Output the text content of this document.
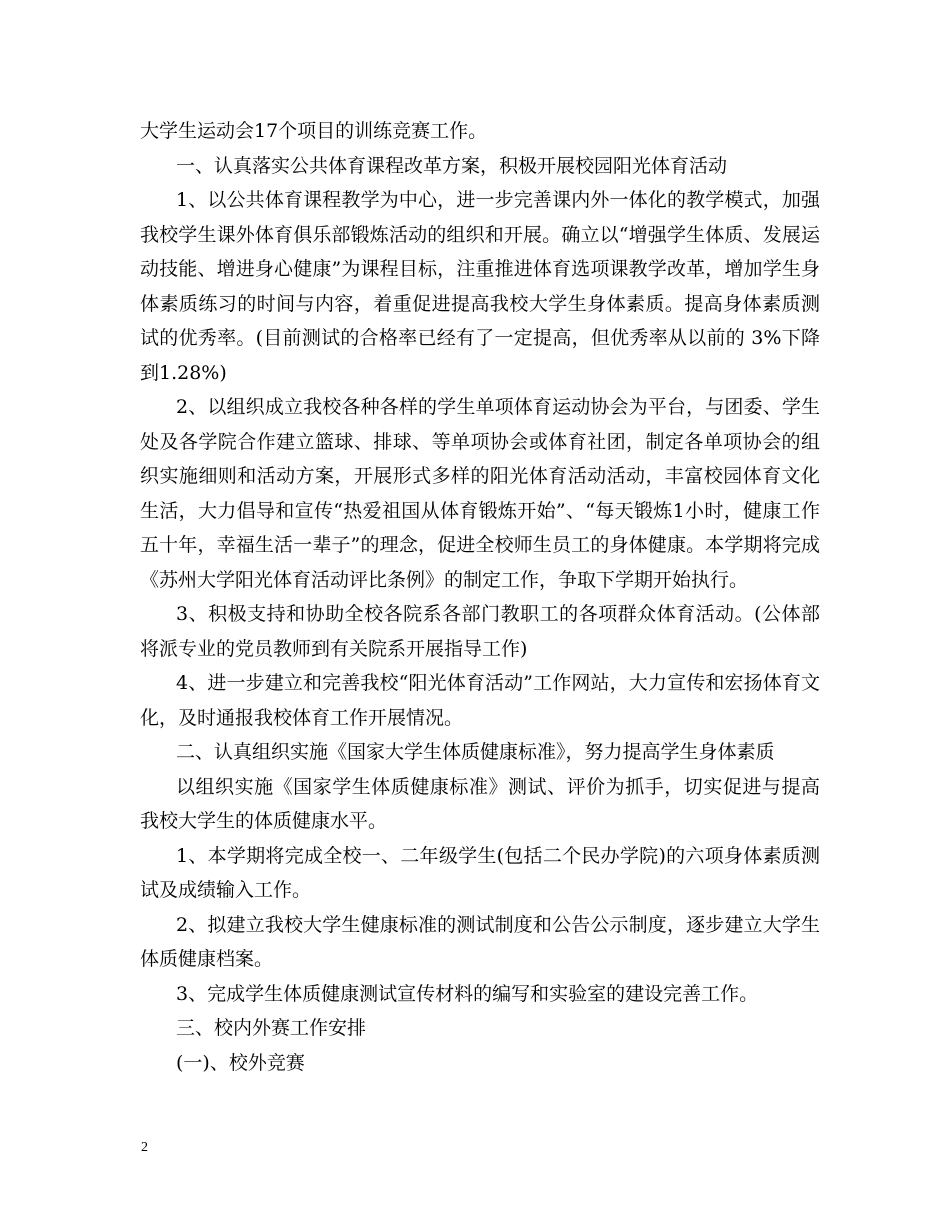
大学生运动会17个项目的训练竞赛工作。

一、认真落实公共体育课程改革方案，积极开展校园阳光体育活动

1、以公共体育课程教学为中心，进一步完善课内外一体化的教学模式，加强我校学生课外体育俱乐部锻炼活动的组织和开展。确立以“增强学生体质、发展运动技能、增进身心健康”为课程目标，注重推进体育选项课教学改革，增加学生身体素质练习的时间与内容，着重促进提高我校大学生身体素质。提高身体素质测试的优秀率。(目前测试的合格率已经有了一定提高，但优秀率从以前的 3%下降到1.28%)

2、以组织成立我校各种各样的学生单项体育运动协会为平台，与团委、学生处及各学院合作建立篮球、排球、等单项协会或体育社团，制定各单项协会的组织实施细则和活动方案，开展形式多样的阳光体育活动活动，丰富校园体育文化生活，大力倡导和宣传“热爱祖国从体育锻炼开始”、“每天锻炼1小时，健康工作五十年，幸福生活一辈子”的理念，促进全校师生员工的身体健康。本学期将完成《苏州大学阳光体育活动评比条例》的制定工作，争取下学期开始执行。

3、积极支持和协助全校各院系各部门教职工的各项群众体育活动。(公体部将派专业的党员教师到有关院系开展指导工作)

4、进一步建立和完善我校“阳光体育活动”工作网站，大力宣传和宏扬体育文化，及时通报我校体育工作开展情况。

二、认真组织实施《国家大学生体质健康标准》，努力提高学生身体素质

以组织实施《国家学生体质健康标准》测试、评价为抓手，切实促进与提高我校大学生的体质健康水平。

1、本学期将完成全校一、二年级学生(包括二个民办学院)的六项身体素质测试及成绩输入工作。

2、拟建立我校大学生健康标准的测试制度和公告公示制度，逐步建立大学生体质健康档案。

3、完成学生体质健康测试宣传材料的编写和实验室的建设完善工作。

三、校内外赛工作安排

(一)、校外竞赛

2
